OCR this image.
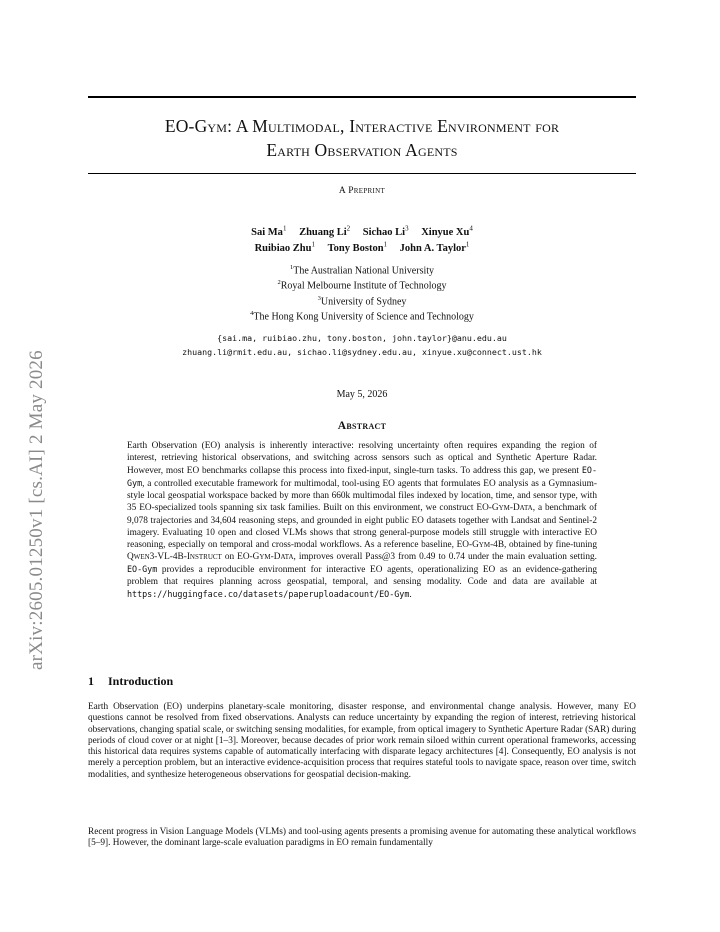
arXiv:2605.01250v1 [cs.AI] 2 May 2026
EO-Gym: A Multimodal, Interactive Environment for
Earth Observation Agents
A Preprint
Sai Ma$^1$ Zhuang Li$^2$ Sichao Li$^3$ Xinyue Xu$^4$
Ruibiao Zhu$^1$ Tony Boston$^1$ John A. Taylor$^1$
$^1$The Australian National University
$^2$Royal Melbourne Institute of Technology
$^3$University of Sydney
$^4$The Hong Kong University of Science and Technology
{sai.ma, ruibiao.zhu, tony.boston, john.taylor}@anu.edu.au
zhuang.li@rmit.edu.au, sichao.li@sydney.edu.au, xinyue.xu@connect.ust.hk
May 5, 2026
Abstract

Earth Observation (EO) analysis is inherently interactive: resolving uncertainty often requires expanding the region of interest, retrieving historical observations, and switching across sensors such as optical and Synthetic Aperture Radar. However, most EO benchmarks collapse this process into fixed-input, single-turn tasks. To address this gap, we present EO-Gym, a controlled executable framework for multimodal, tool-using EO agents that formulates EO analysis as a Gymnasium-style local geospatial workspace backed by more than 660k multimodal files indexed by location, time, and sensor type, with 35 EO-specialized tools spanning six task families. Built on this environment, we construct EO-Gym-Data, a benchmark of 9,078 trajectories and 34,604 reasoning steps, and grounded in eight public EO datasets together with Landsat and Sentinel-2 imagery. Evaluating 10 open and closed VLMs shows that strong general-purpose models still struggle with interactive EO reasoning, especially on temporal and cross-modal workflows. As a reference baseline, EO-Gym-4B, obtained by fine-tuning Qwen3-VL-4B-Instruct on EO-Gym-Data, improves overall Pass@3 from 0.49 to 0.74 under the main evaluation setting. EO-Gym provides a reproducible environment for interactive EO agents, operationalizing EO as an evidence-gathering problem that requires planning across geospatial, temporal, and sensing modality. Code and data are available at https://huggingface.co/datasets/paperuploadacount/EO-Gym.

1 Introduction

Earth Observation (EO) underpins planetary-scale monitoring, disaster response, and environmental change analysis. However, many EO questions cannot be resolved from fixed observations. Analysts can reduce uncertainty by expanding the region of interest, retrieving historical observations, changing spatial scale, or switching sensing modalities, for example, from optical imagery to Synthetic Aperture Radar (SAR) during periods of cloud cover or at night [1–3]. Moreover, because decades of prior work remain siloed within current operational frameworks, accessing this historical data requires systems capable of automatically interfacing with disparate legacy architectures [4]. Consequently, EO analysis is not merely a perception problem, but an interactive evidence-acquisition process that requires stateful tools to navigate space, reason over time, switch modalities, and synthesize heterogeneous observations for geospatial decision-making.

Recent progress in Vision Language Models (VLMs) and tool-using agents presents a promising avenue for automating these analytical workflows [5–9]. However, the dominant large-scale evaluation paradigms in EO remain fundamentally
